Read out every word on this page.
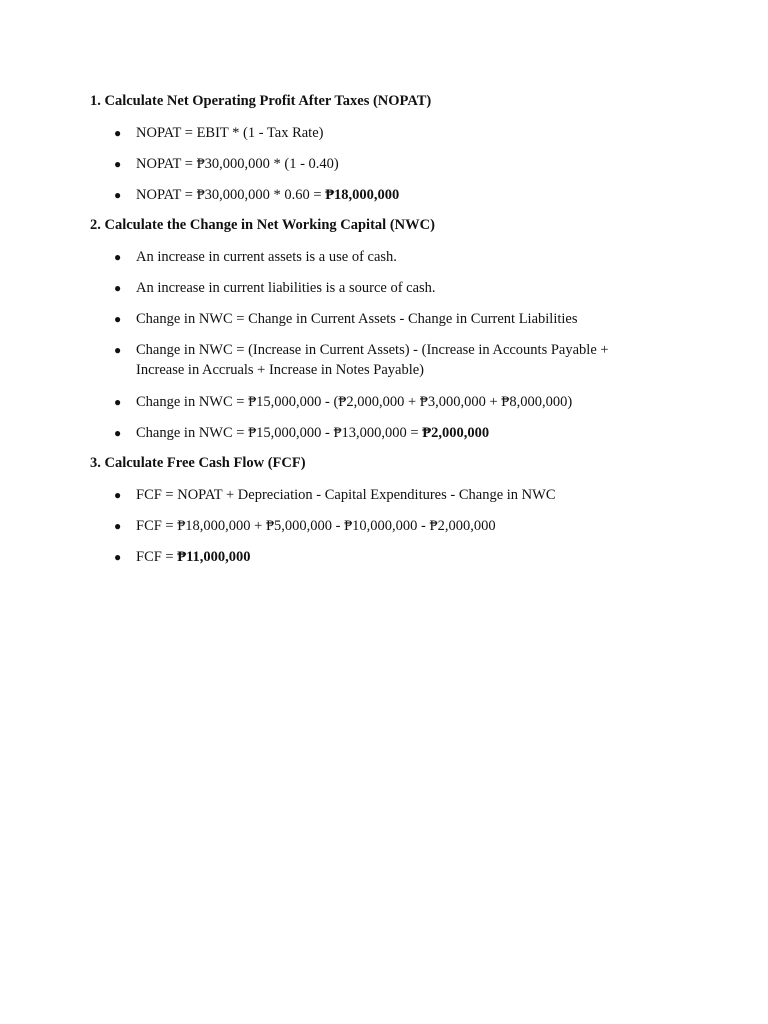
1. Calculate Net Operating Profit After Taxes (NOPAT)
●	NOPAT = EBIT * (1 - Tax Rate)
●	NOPAT = ₱30,000,000 * (1 - 0.40)
●	NOPAT = ₱30,000,000 * 0.60 = ₱18,000,000
2. Calculate the Change in Net Working Capital (NWC)
●	An increase in current assets is a use of cash.
●	An increase in current liabilities is a source of cash.
●	Change in NWC = Change in Current Assets - Change in Current Liabilities
●	Change in NWC = (Increase in Current Assets) - (Increase in Accounts Payable + Increase in Accruals + Increase in Notes Payable)
●	Change in NWC = ₱15,000,000 - (₱2,000,000 + ₱3,000,000 + ₱8,000,000)
●	Change in NWC = ₱15,000,000 - ₱13,000,000 = ₱2,000,000
3. Calculate Free Cash Flow (FCF)
●	FCF = NOPAT + Depreciation - Capital Expenditures - Change in NWC
●	FCF = ₱18,000,000 + ₱5,000,000 - ₱10,000,000 - ₱2,000,000
●	FCF = ₱11,000,000
